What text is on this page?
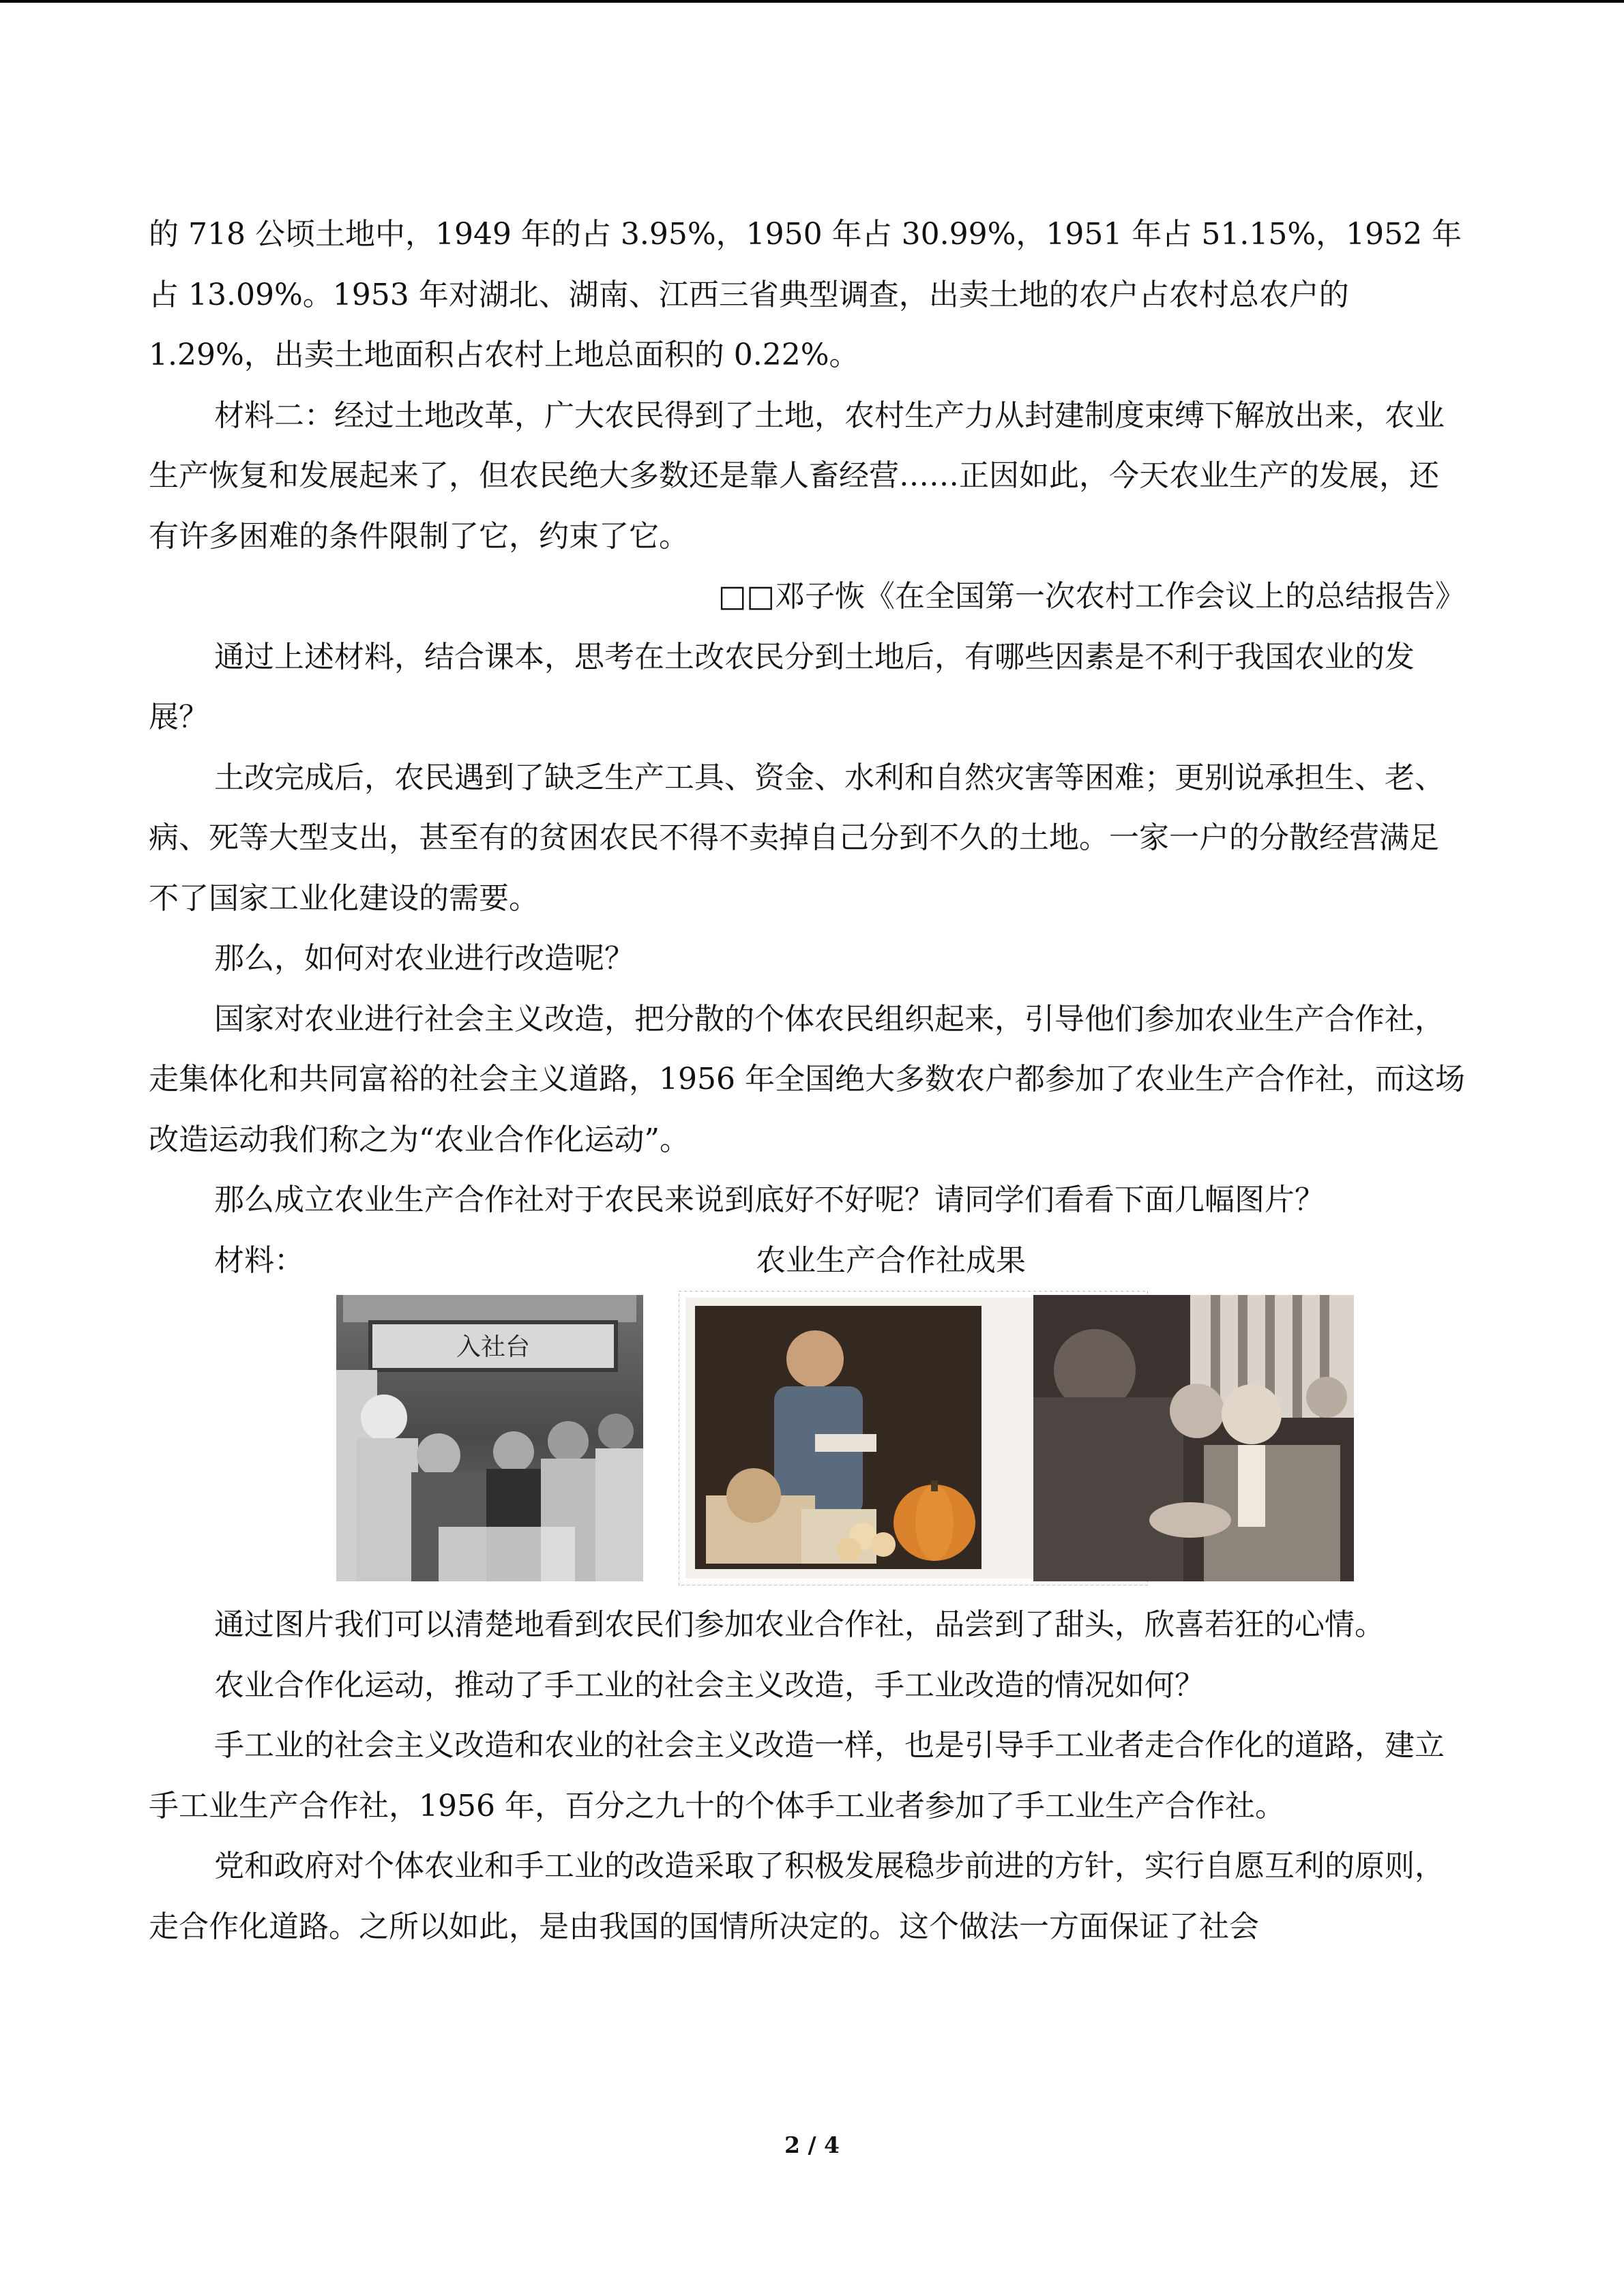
的 718 公顷土地中，1949 年的占 3.95%，1950 年占 30.99%，1951 年占 51.15%，1952 年占 13.09%。1953 年对湖北、湖南、江西三省典型调查，出卖土地的农户占农村总农户的 1.29%，出卖土地面积占农村上地总面积的 0.22%。

材料二：经过土地改革，广大农民得到了土地，农村生产力从封建制度束缚下解放出来，农业生产恢复和发展起来了，但农民绝大多数还是靠人畜经营……正因如此，今天农业生产的发展，还有许多困难的条件限制了它，约束了它。

□□邓子恢《在全国第一次农村工作会议上的总结报告》

通过上述材料，结合课本，思考在土改农民分到土地后，有哪些因素是不利于我国农业的发展？

土改完成后，农民遇到了缺乏生产工具、资金、水利和自然灾害等困难；更别说承担生、老、病、死等大型支出，甚至有的贫困农民不得不卖掉自己分到不久的土地。一家一户的分散经营满足不了国家工业化建设的需要。

那么，如何对农业进行改造呢？

国家对农业进行社会主义改造，把分散的个体农民组织起来，引导他们参加农业生产合作社，走集体化和共同富裕的社会主义道路，1956 年全国绝大多数农户都参加了农业生产合作社，而这场改造运动我们称之为“农业合作化运动”。

那么成立农业生产合作社对于农民来说到底好不好呢？请同学们看看下面几幅图片？

材料：	农业生产合作社成果
入社台

通过图片我们可以清楚地看到农民们参加农业合作社，品尝到了甜头，欣喜若狂的心情。

农业合作化运动，推动了手工业的社会主义改造，手工业改造的情况如何？

手工业的社会主义改造和农业的社会主义改造一样，也是引导手工业者走合作化的道路，建立手工业生产合作社，1956 年，百分之九十的个体手工业者参加了手工业生产合作社。

党和政府对个体农业和手工业的改造采取了积极发展稳步前进的方针，实行自愿互利的原则，走合作化道路。之所以如此，是由我国的国情所决定的。这个做法一方面保证了社会

2 / 4
